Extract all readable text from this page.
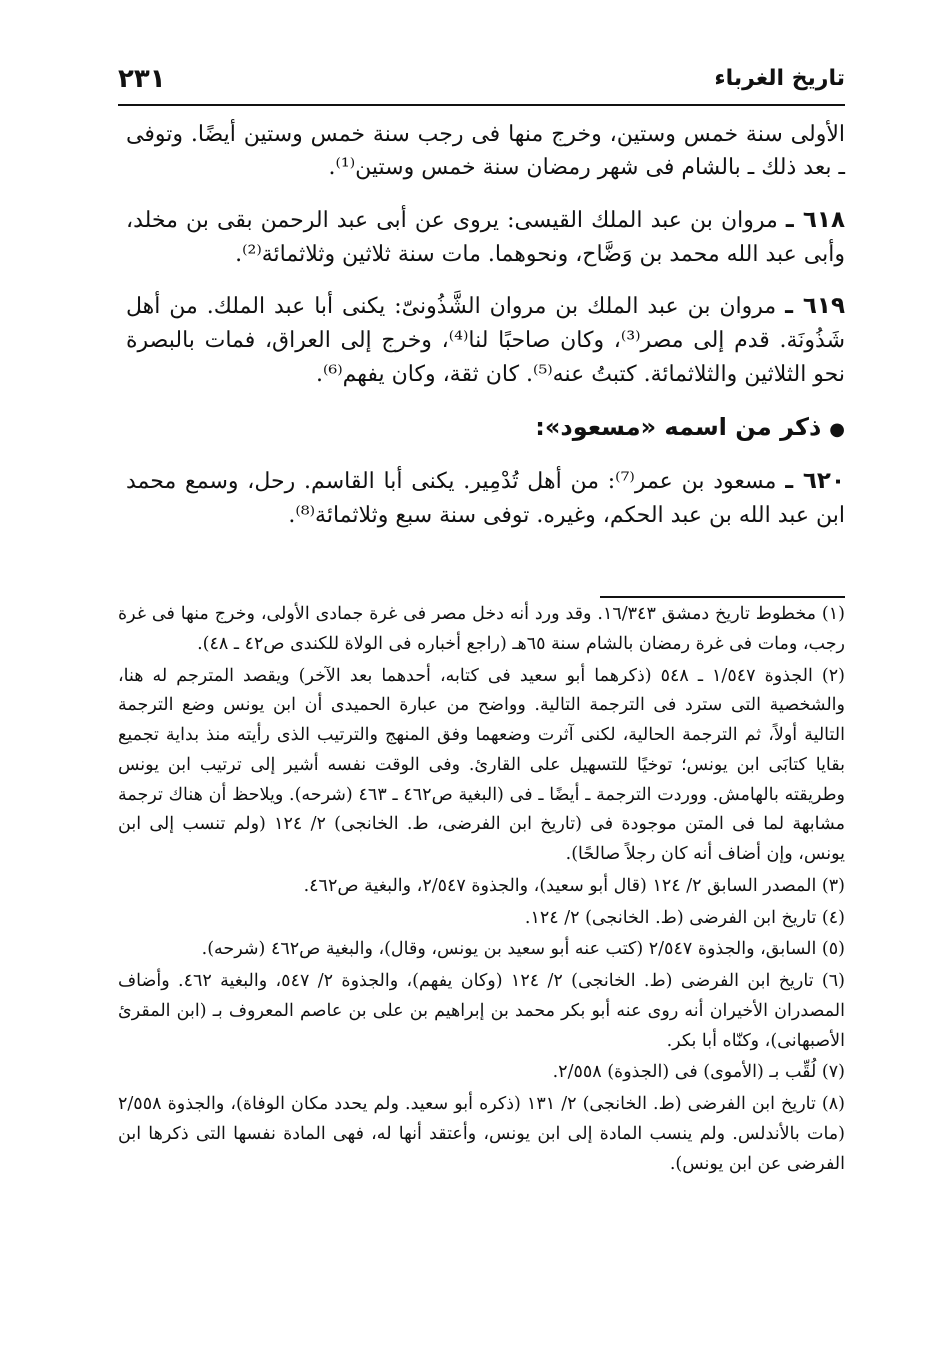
تاريخ الغرباء
٢٣١

الأولى سنة خمس وستين، وخرج منها فى رجب سنة خمس وستين أيضًا. وتوفى ـ بعد ذلك ـ بالشام فى شهر رمضان سنة خمس وستين⁽¹⁾.

٦١٨ ـ مروان بن عبد الملك القيسى: يروى عن أبى عبد الرحمن بقى بن مخلد، وأبى عبد الله محمد بن وَضَّاح، ونحوهما. مات سنة ثلاثين وثلاثمائة⁽²⁾.

٦١٩ ـ مروان بن عبد الملك بن مروان الشَّذُونىّ: يكنى أبا عبد الملك. من أهل شَذُونَة. قدم إلى مصر⁽³⁾، وكان صاحبًا لنا⁽⁴⁾، وخرج إلى العراق، فمات بالبصرة نحو الثلاثين والثلاثمائة. كتبتُ عنه⁽⁵⁾. كان ثقة، وكان يفهم⁽⁶⁾.

●ذكر من اسمه «مسعود»:

٦٢٠ ـ مسعود بن عمر⁽⁷⁾: من أهل تُدْمِير. يكنى أبا القاسم. رحل، وسمع محمد ابن عبد الله بن عبد الحكم، وغيره. توفى سنة سبع وثلاثمائة⁽⁸⁾.

(١) مخطوط تاريخ دمشق ١٦/٣٤٣. وقد ورد أنه دخل مصر فى غرة جمادى الأولى، وخرج منها فى غرة رجب، ومات فى غرة رمضان بالشام سنة ٦٥هـ (راجع أخباره فى الولاة للكندى ص٤٢ ـ ٤٨).

(٢) الجذوة ١/٥٤٧ ـ ٥٤٨ (ذكرهما أبو سعيد فى كتابه، أحدهما بعد الآخر) ويقصد المترجم له هنا، والشخصية التى سترد فى الترجمة التالية. وواضح من عبارة الحميدى أن ابن يونس وضع الترجمة التالية أولاً، ثم الترجمة الحالية، لكنى آثرت وضعهما وفق المنهج والترتيب الذى رأيته منذ بداية تجميع بقايا كتابَى ابن يونس؛ توخيًا للتسهيل على القارئ. وفى الوقت نفسه أشير إلى ترتيب ابن يونس وطريقته بالهامش. ووردت الترجمة ـ أيضًا ـ فى (البغية ص٤٦٢ ـ ٤٦٣ (شرحه). ويلاحظ أن هناك ترجمة مشابهة لما فى المتن موجودة فى (تاريخ ابن الفرضى، ط. الخانجى) ٢/ ١٢٤ (ولم تنسب إلى ابن يونس، وإن أضاف أنه كان رجلاً صالحًا).

(٣) المصدر السابق ٢/ ١٢٤ (قال أبو سعيد)، والجذوة ٢/٥٤٧، والبغية ص٤٦٢.

(٤) تاريخ ابن الفرضى (ط. الخانجى) ٢/ ١٢٤.

(٥) السابق، والجذوة ٢/٥٤٧ (كتب عنه أبو سعيد بن يونس، وقال)، والبغية ص٤٦٢ (شرحه).

(٦) تاريخ ابن الفرضى (ط. الخانجى) ٢/ ١٢٤ (وكان يفهم)، والجذوة ٢/ ٥٤٧، والبغية ٤٦٢. وأضاف المصدران الأخيران أنه روى عنه أبو بكر محمد بن إبراهيم بن على بن عاصم المعروف بـ (ابن المقرئ الأصبهانى)، وكنّاه أبا بكر.

(٧) لُقِّب بـ (الأموى) فى (الجذوة) ٢/٥٥٨.

(٨) تاريخ ابن الفرضى (ط. الخانجى) ٢/ ١٣١ (ذكره أبو سعيد. ولم يحدد مكان الوفاة)، والجذوة ٢/٥٥٨ (مات بالأندلس. ولم ينسب المادة إلى ابن يونس، وأعتقد أنها له، فهى المادة نفسها التى ذكرها ابن الفرضى عن ابن يونس).
